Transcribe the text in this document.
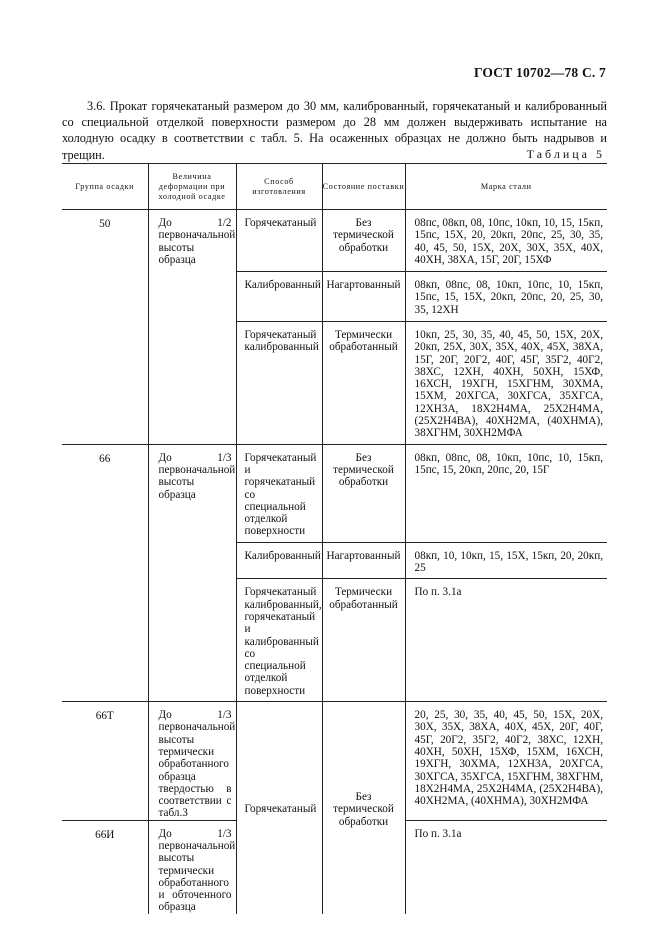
ГОСТ 10702—78 С. 7

3.6. Прокат горячекатаный размером до 30 мм, калиброванный, горячекатаный и калиброванный со специальной отделкой поверхности размером до 28 мм должен выдерживать испытание на холодную осадку в соответствии с табл. 5. На осаженных образцах не должно быть надрывов и трещин.	Таблица 5
Группа осадки	Величина деформации при холодной осадке	Способ изготовления	Состояние поставки	Марка стали
50	До 1/2 первоначальной высоты образца	Горячекатаный	Без термической обработки	08пс, 08кп, 08, 10пс, 10кп, 10, 15, 15кп, 15пс, 15Х, 20, 20кп, 20пс, 25, 30, 35, 40, 45, 50, 15Х, 20Х, 30Х, 35Х, 40Х, 40ХН, 38ХА, 15Г, 20Г, 15ХФ
		Калиброванный	Нагартованный	08кп, 08пс, 08, 10кп, 10пс, 10, 15кп, 15пс, 15, 15Х, 20кп, 20пс, 20, 25, 30, 35, 12ХН
		Горячекатаный калиброванный	Термически обработанный	10кп, 25, 30, 35, 40, 45, 50, 15Х, 20Х, 20кп, 25Х, 30Х, 35Х, 40Х, 45Х, 38ХА, 15Г, 20Г, 20Г2, 40Г, 45Г, 35Г2, 40Г2, 38ХС, 12ХН, 40ХН, 50ХН, 15ХФ, 16ХСН, 19ХГН, 15ХГНМ, 30ХМА, 15ХМ, 20ХГСА, 30ХГСА, 35ХГСА, 12ХН3А, 18Х2Н4МА, 25Х2Н4МА, (25Х2Н4ВА), 40ХН2МА, (40ХНМА), 38ХГНМ, 30ХН2МФА
66	До 1/3 первоначальной высоты образца	Горячекатаный и горячекатаный со специальной отделкой поверхности	Без термической обработки	08кп, 08пс, 08, 10кп, 10пс, 10, 15кп, 15пс, 15, 20кп, 20пс, 20, 15Г
		Калиброванный	Нагартованный	08кп, 10, 10кп, 15, 15Х, 15кп, 20, 20кп, 25
		Горячекатаный калиброванный, горячекатаный и калиброванный со специальной отделкой поверхности	Термически обработанный	По п. 3.1а
66Т	До 1/3 первоначальной высоты термически обработанного образца твердостью в соответствии с табл.3	Горячекатаный	Без термической обработки	20, 25, 30, 35, 40, 45, 50, 15Х, 20Х, 30Х, 35Х, 38ХА, 40Х, 45Х, 20Г, 40Г, 45Г, 20Г2, 35Г2, 40Г2, 38ХС, 12ХН, 40ХН, 50ХН, 15ХФ, 15ХМ, 16ХСН, 19ХГН, 30ХМА, 12ХН3А, 20ХГСА, 30ХГСА, 35ХГСА, 15ХГНМ, 38ХГНМ, 18Х2Н4МА, 25Х2Н4МА, (25Х2Н4ВА), 40ХН2МА, (40ХНМА), 30ХН2МФА
66И	До 1/3 первоначальной высоты термически обработанного и обточенного образца			По п. 3.1а
